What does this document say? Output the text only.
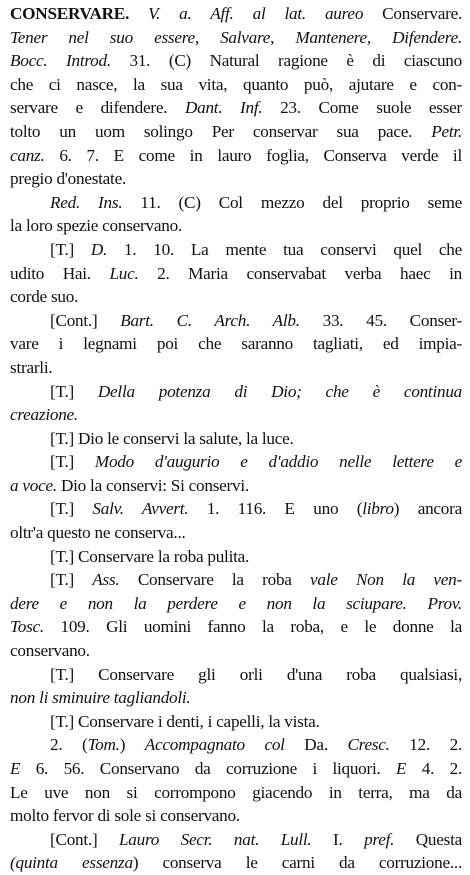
CONSERVARE. V. a. Aff. al lat. aureo Conservare.
Tener nel suo essere, Salvare, Mantenere, Difendere.
Bocc. Introd. 31. (C) Natural ragione è di ciascuno
che ci nasce, la sua vita, quanto può, ajutare e con-
servare e difendere. Dant. Inf. 23. Come suole esser
tolto un uom solingo Per conservar sua pace. Petr.
canz. 6. 7. E come in lauro foglia, Conserva verde il
pregio d'onestate.
Red. Ins. 11. (C) Col mezzo del proprio seme
la loro spezie conservano.
[T.] D. 1. 10. La mente tua conservi quel che
udito Hai. Luc. 2. Maria conservabat verba haec in
corde suo.
[Cont.] Bart. C. Arch. Alb. 33. 45. Conser-
vare i legnami poi che saranno tagliati, ed impia-
strarli.
[T.] Della potenza di Dio; che è continua
creazione.
[T.] Dio le conservi la salute, la luce.
[T.] Modo d'augurio e d'addio nelle lettere e
a voce. Dio la conservi: Si conservi.
[T.] Salv. Avvert. 1. 116. E uno (libro) ancora
oltr'a questo ne conserva...
[T.] Conservare la roba pulita.
[T.] Ass. Conservare la roba vale Non la ven-
dere e non la perdere e non la sciupare. Prov.
Tosc. 109. Gli uomini fanno la roba, e le donne la
conservano.
[T.] Conservare gli orli d'una roba qualsiasi,
non li sminuire tagliandoli.
[T.] Conservare i denti, i capelli, la vista.
2. (Tom.) Accompagnato col Da. Cresc. 12. 2.
E 6. 56. Conservano da corruzione i liquori. E 4. 2.
Le uve non si corrompono giacendo in terra, ma da
molto fervor di sole si conservano.
[Cont.] Lauro Secr. nat. Lull. I. pref. Questa
(quinta essenza) conserva le carni da corruzione...
